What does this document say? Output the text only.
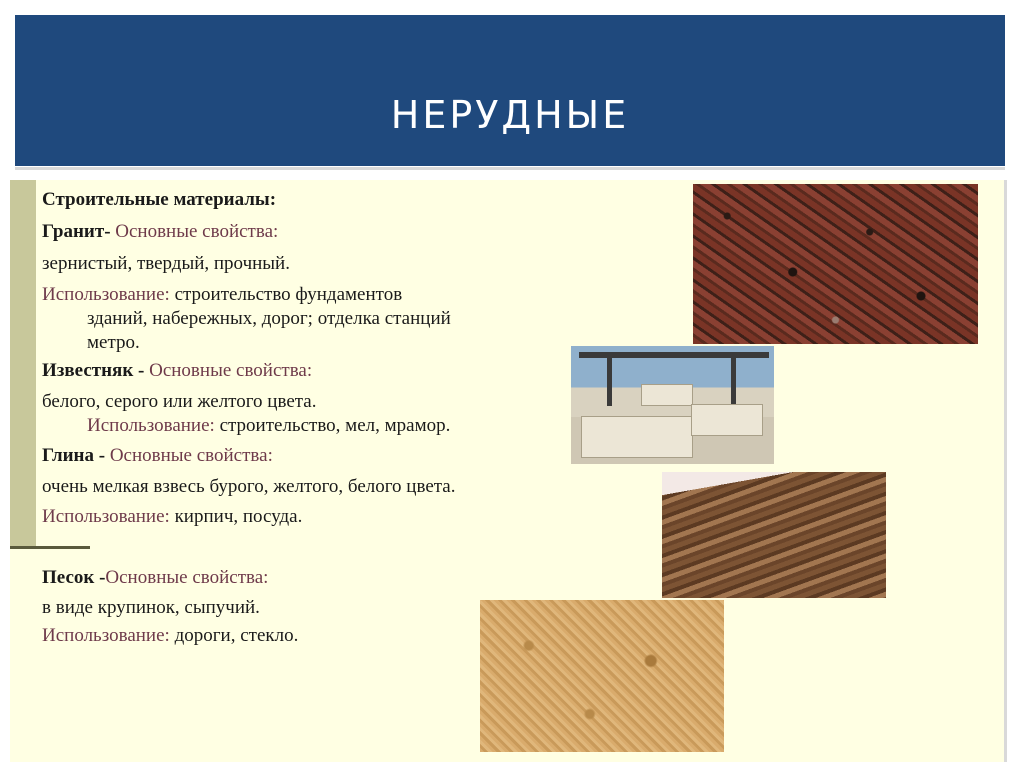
НЕРУДНЫЕ
Строительные материалы:
Гранит- Основные свойства:
зернистый, твердый, прочный.
Использование: строительство фундаментов
зданий, набережных, дорог; отделка станций
метро.
Известняк - Основные свойства:
белого, серого или желтого цвета.
Использование: строительство, мел, мрамор.
Глина - Основные свойства:
очень мелкая взвесь бурого, желтого, белого цвета.
Использование: кирпич, посуда.
Песок -Основные свойства:
в виде крупинок, сыпучий.
Использование: дороги, стекло.
